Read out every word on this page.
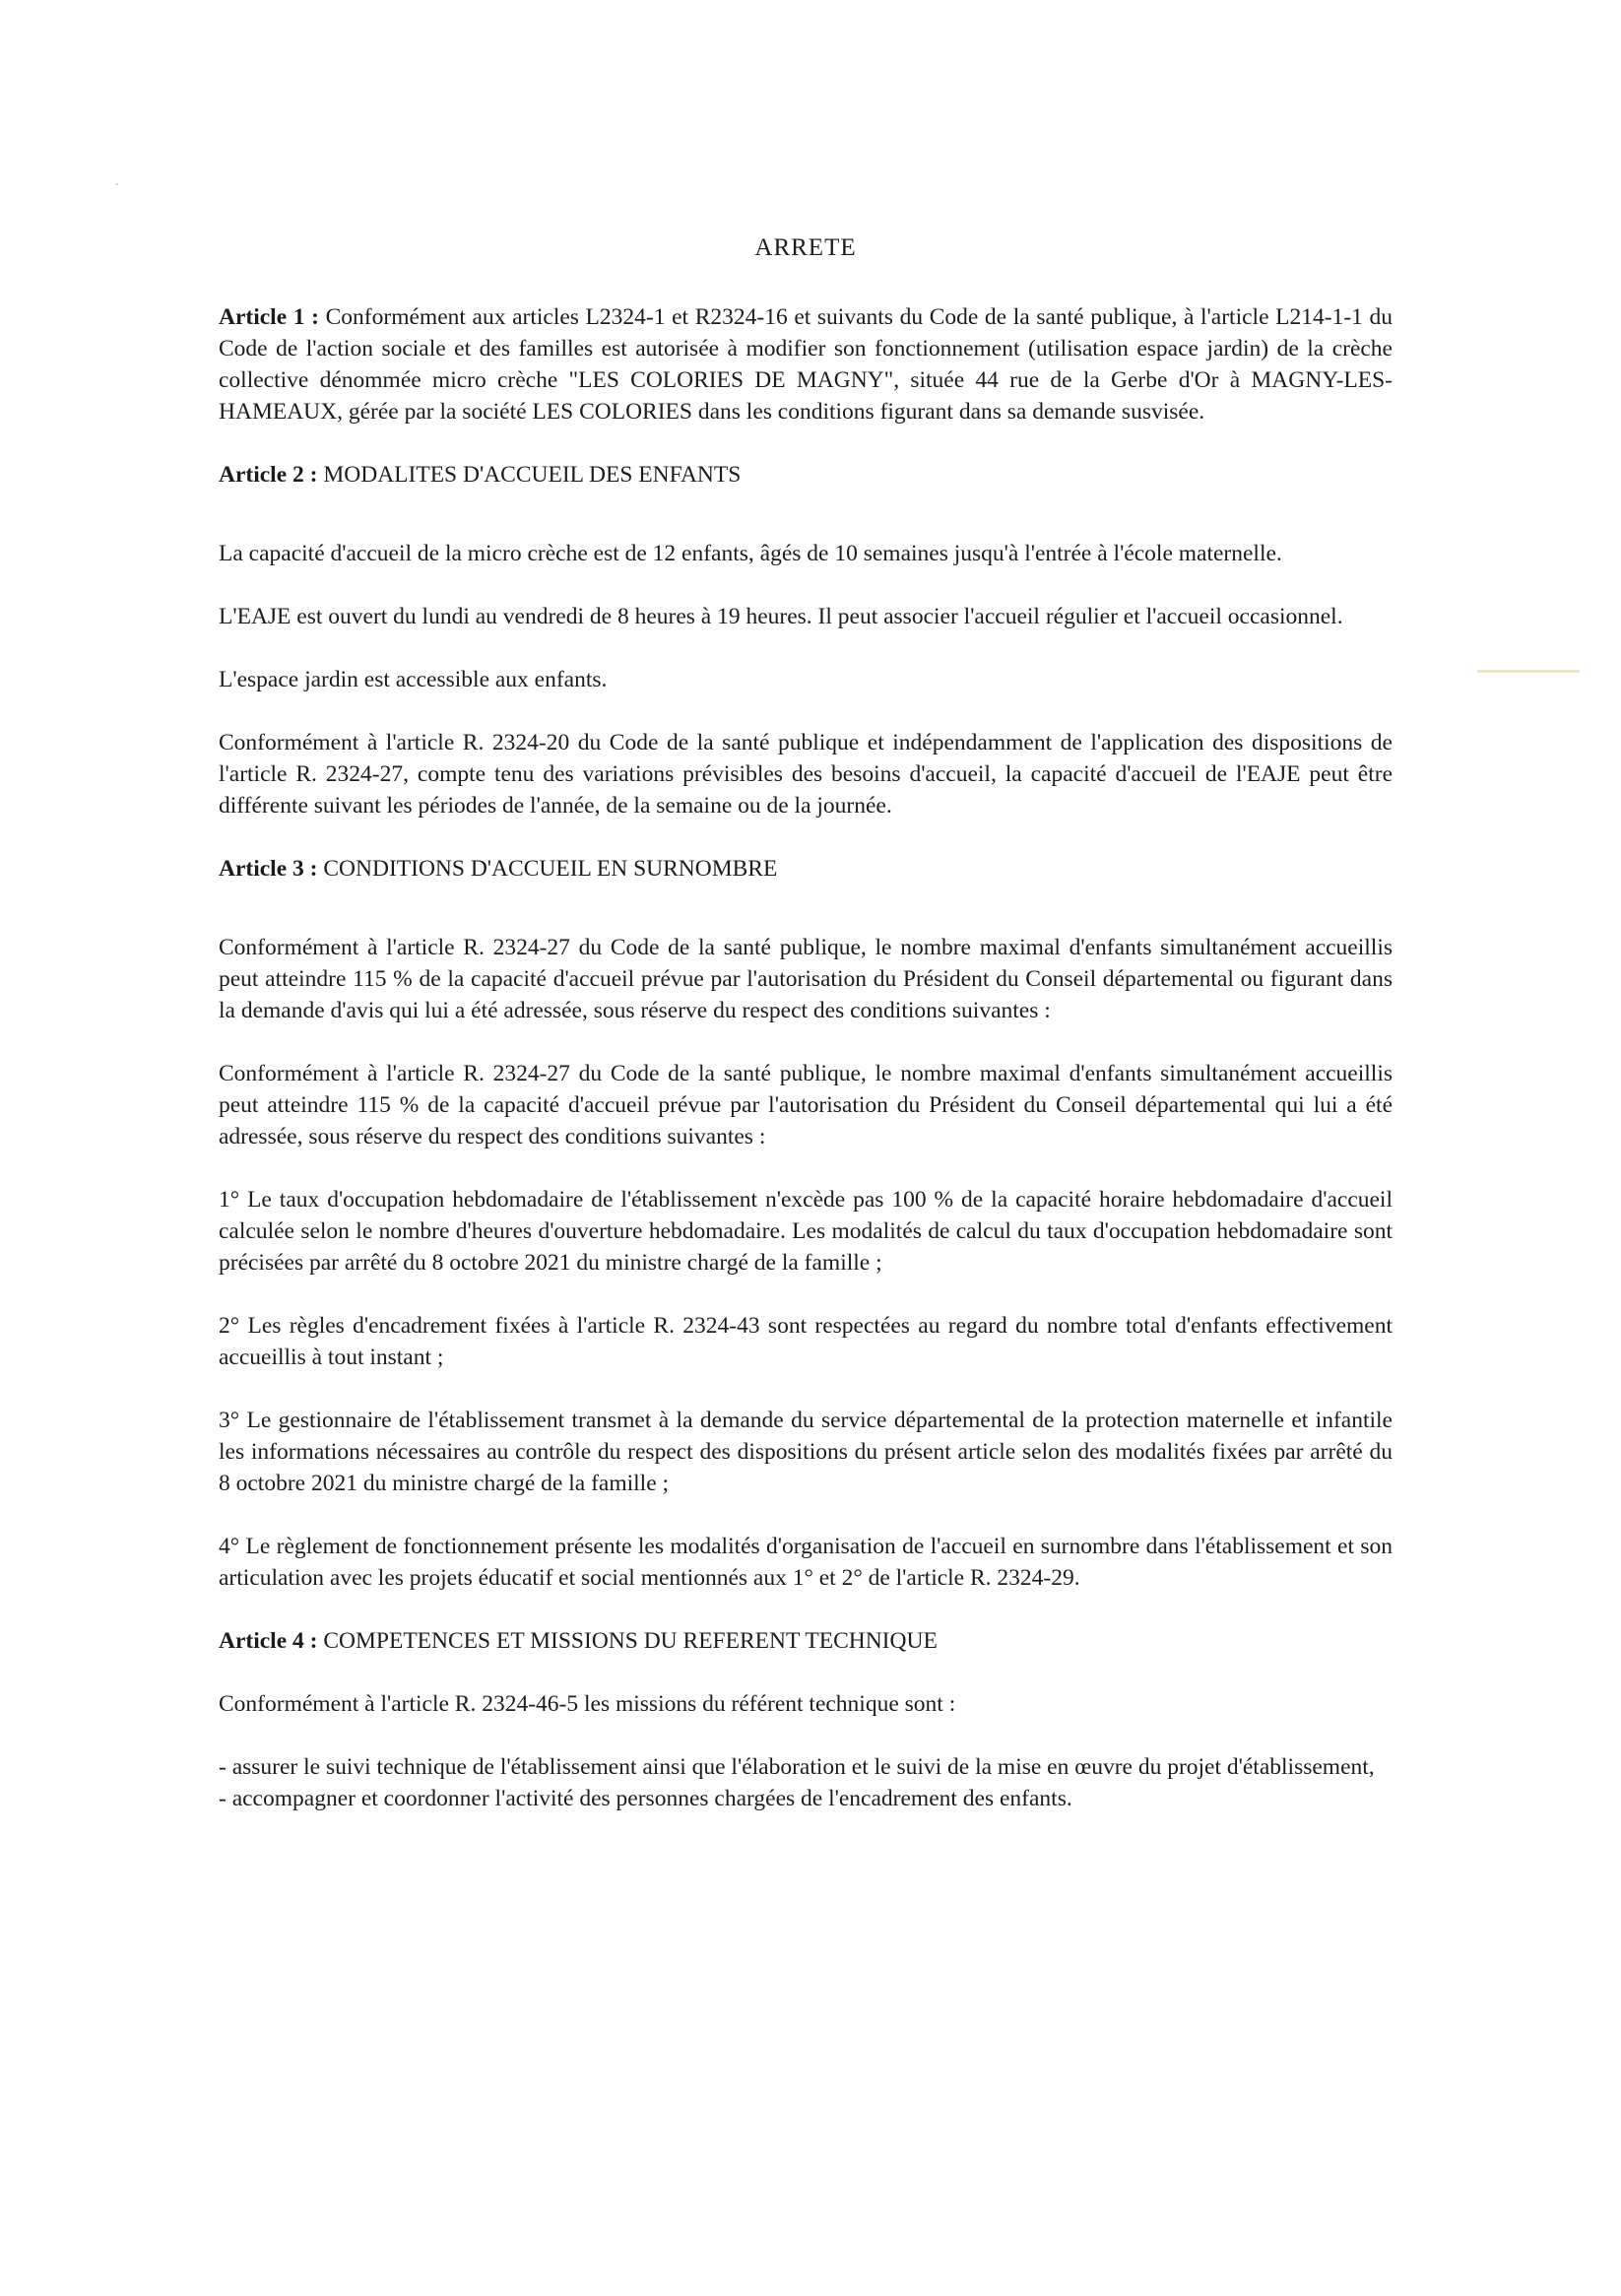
ARRETE

Article 1 : Conformément aux articles L2324-1 et R2324-16 et suivants du Code de la santé publique, à l'article L214-1-1 du Code de l'action sociale et des familles est autorisée à modifier son fonctionnement (utilisation espace jardin) de la crèche collective dénommée micro crèche "LES COLORIES DE MAGNY", située 44 rue de la Gerbe d'Or à MAGNY-LES-HAMEAUX, gérée par la société LES COLORIES dans les conditions figurant dans sa demande susvisée.

Article 2 : MODALITES D'ACCUEIL DES ENFANTS

La capacité d'accueil de la micro crèche est de 12 enfants, âgés de 10 semaines jusqu'à l'entrée à l'école maternelle.

L'EAJE est ouvert du lundi au vendredi de 8 heures à 19 heures. Il peut associer l'accueil régulier et l'accueil occasionnel.

L'espace jardin est accessible aux enfants.

Conformément à l'article R. 2324-20 du Code de la santé publique et indépendamment de l'application des dispositions de l'article R. 2324-27, compte tenu des variations prévisibles des besoins d'accueil, la capacité d'accueil de l'EAJE peut être différente suivant les périodes de l'année, de la semaine ou de la journée.

Article 3 : CONDITIONS D'ACCUEIL EN SURNOMBRE

Conformément à l'article R. 2324-27 du Code de la santé publique, le nombre maximal d'enfants simultanément accueillis peut atteindre 115 % de la capacité d'accueil prévue par l'autorisation du Président du Conseil départemental ou figurant dans la demande d'avis qui lui a été adressée, sous réserve du respect des conditions suivantes :

Conformément à l'article R. 2324-27 du Code de la santé publique, le nombre maximal d'enfants simultanément accueillis peut atteindre 115 % de la capacité d'accueil prévue par l'autorisation du Président du Conseil départemental qui lui a été adressée, sous réserve du respect des conditions suivantes :

1° Le taux d'occupation hebdomadaire de l'établissement n'excède pas 100 % de la capacité horaire hebdomadaire d'accueil calculée selon le nombre d'heures d'ouverture hebdomadaire. Les modalités de calcul du taux d'occupation hebdomadaire sont précisées par arrêté du 8 octobre 2021 du ministre chargé de la famille ;

2° Les règles d'encadrement fixées à l'article R. 2324-43 sont respectées au regard du nombre total d'enfants effectivement accueillis à tout instant ;

3° Le gestionnaire de l'établissement transmet à la demande du service départemental de la protection maternelle et infantile les informations nécessaires au contrôle du respect des dispositions du présent article selon des modalités fixées par arrêté du 8 octobre 2021 du ministre chargé de la famille ;

4° Le règlement de fonctionnement présente les modalités d'organisation de l'accueil en surnombre dans l'établissement et son articulation avec les projets éducatif et social mentionnés aux 1° et 2° de l'article R. 2324-29.

Article 4 : COMPETENCES ET MISSIONS DU REFERENT TECHNIQUE

Conformément à l'article R. 2324-46-5 les missions du référent technique sont :

- assurer le suivi technique de l'établissement ainsi que l'élaboration et le suivi de la mise en œuvre du projet d'établissement,

- accompagner et coordonner l'activité des personnes chargées de l'encadrement des enfants.
